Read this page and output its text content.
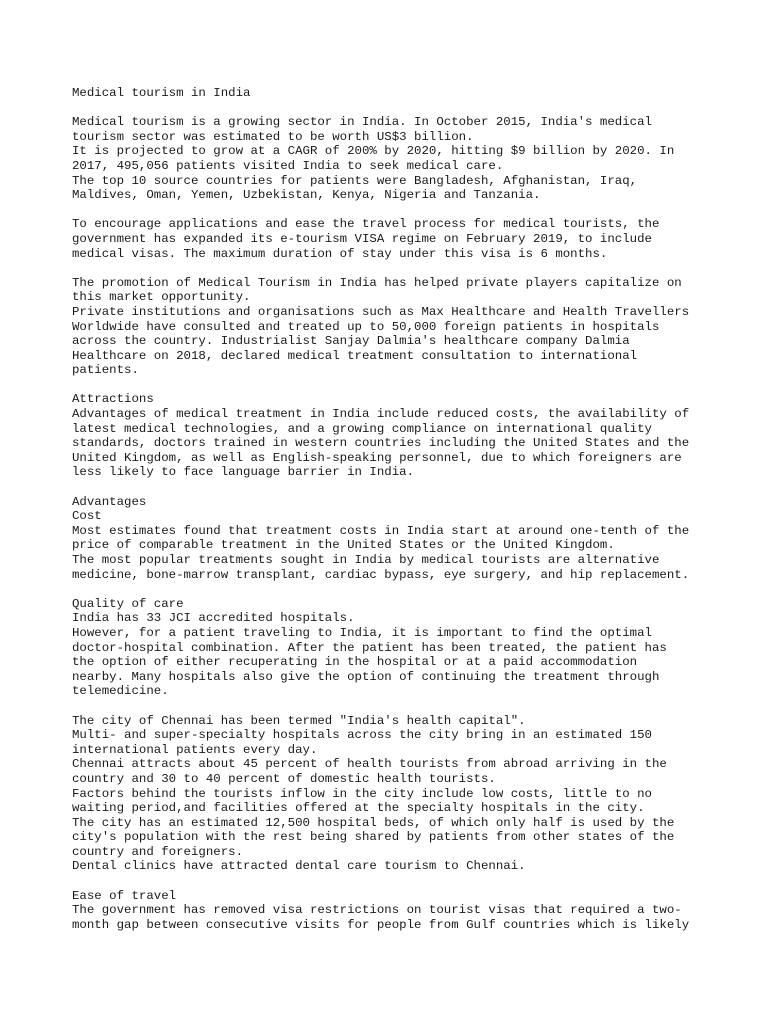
Medical tourism in India
Medical tourism is a growing sector in India. In October 2015, India's medical
tourism sector was estimated to be worth US$3 billion.
It is projected to grow at a CAGR of 200% by 2020, hitting $9 billion by 2020. In
2017, 495,056 patients visited India to seek medical care.
The top 10 source countries for patients were Bangladesh, Afghanistan, Iraq,
Maldives, Oman, Yemen, Uzbekistan, Kenya, Nigeria and Tanzania.
To encourage applications and ease the travel process for medical tourists, the
government has expanded its e-tourism VISA regime on February 2019, to include
medical visas. The maximum duration of stay under this visa is 6 months.
The promotion of Medical Tourism in India has helped private players capitalize on
this market opportunity.
Private institutions and organisations such as Max Healthcare and Health Travellers
Worldwide have consulted and treated up to 50,000 foreign patients in hospitals
across the country. Industrialist Sanjay Dalmia's healthcare company Dalmia
Healthcare on 2018, declared medical treatment consultation to international
patients.
Attractions
Advantages of medical treatment in India include reduced costs, the availability of
latest medical technologies, and a growing compliance on international quality
standards, doctors trained in western countries including the United States and the
United Kingdom, as well as English-speaking personnel, due to which foreigners are
less likely to face language barrier in India.
Advantages
Cost
Most estimates found that treatment costs in India start at around one-tenth of the
price of comparable treatment in the United States or the United Kingdom.
The most popular treatments sought in India by medical tourists are alternative
medicine, bone-marrow transplant, cardiac bypass, eye surgery, and hip replacement.
Quality of care
India has 33 JCI accredited hospitals.
However, for a patient traveling to India, it is important to find the optimal
doctor-hospital combination. After the patient has been treated, the patient has
the option of either recuperating in the hospital or at a paid accommodation
nearby. Many hospitals also give the option of continuing the treatment through
telemedicine.
The city of Chennai has been termed "India's health capital".
Multi- and super-specialty hospitals across the city bring in an estimated 150
international patients every day.
Chennai attracts about 45 percent of health tourists from abroad arriving in the
country and 30 to 40 percent of domestic health tourists.
Factors behind the tourists inflow in the city include low costs, little to no
waiting period,and facilities offered at the specialty hospitals in the city.
The city has an estimated 12,500 hospital beds, of which only half is used by the
city's population with the rest being shared by patients from other states of the
country and foreigners.
Dental clinics have attracted dental care tourism to Chennai.
Ease of travel
The government has removed visa restrictions on tourist visas that required a two-
month gap between consecutive visits for people from Gulf countries which is likely
